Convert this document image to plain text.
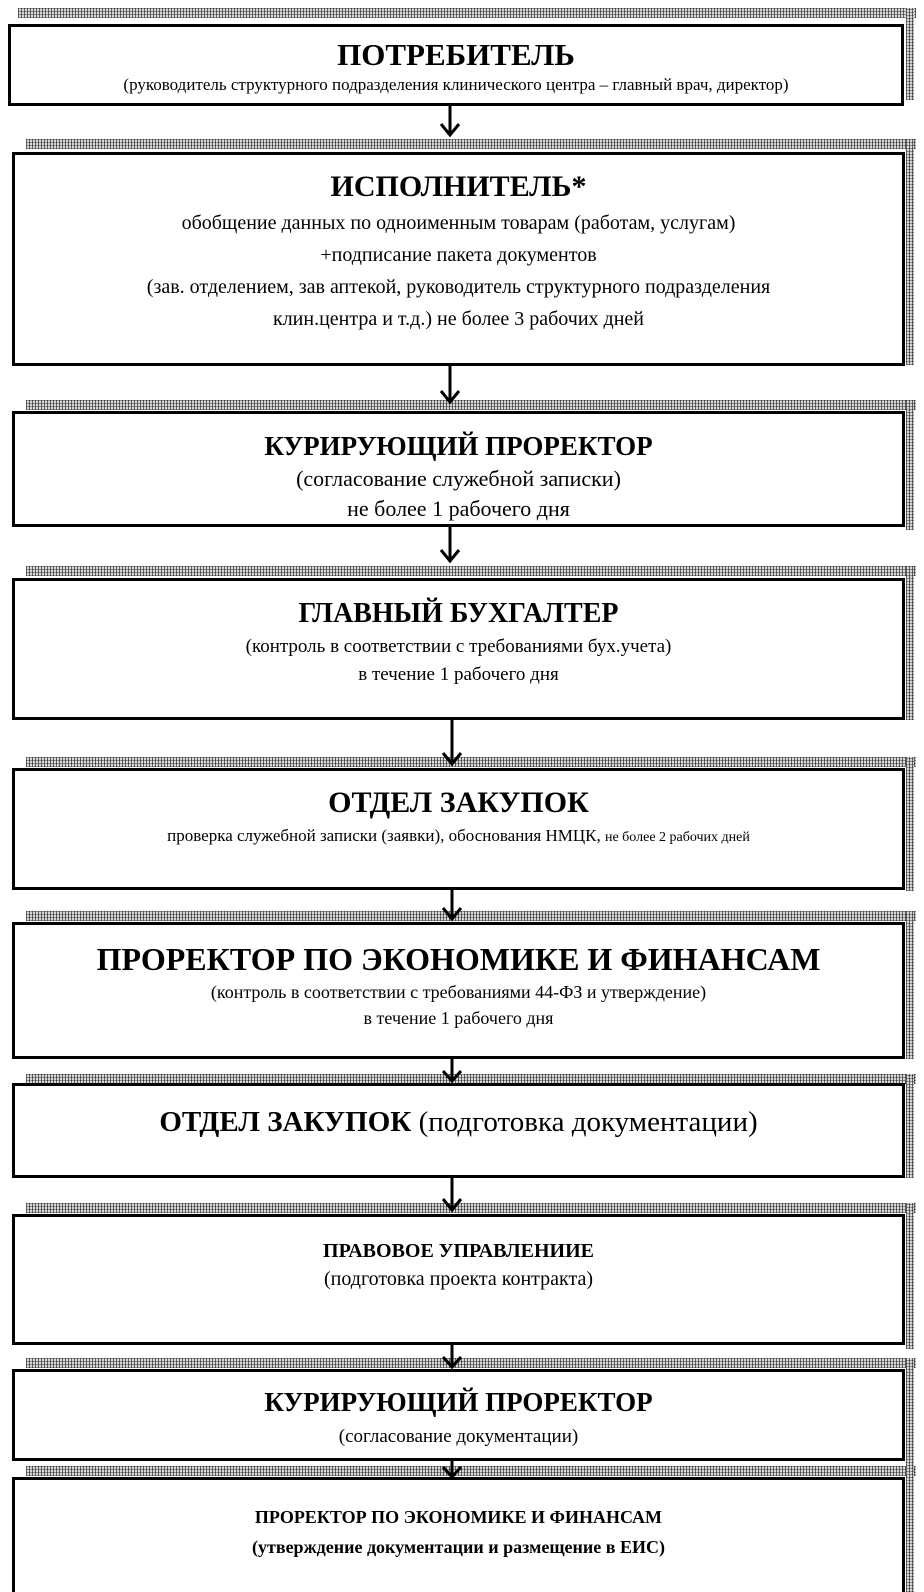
ПОТРЕБИТЕЛЬ
(руководитель структурного подразделения клинического центра – главный врач, директор)
ИСПОЛНИТЕЛЬ*
обобщение данных по одноименным товарам (работам, услугам)
+подписание пакета документов
(зав. отделением, зав аптекой, руководитель структурного подразделения
клин.центра и т.д.) не более 3 рабочих дней
КУРИРУЮЩИЙ ПРОРЕКТОР
(согласование служебной записки)
не более 1 рабочего дня
ГЛАВНЫЙ БУХГАЛТЕР
(контроль в соответствии с требованиями бух.учета)
в течение 1 рабочего дня
ОТДЕЛ ЗАКУПОК
проверка служебной записки (заявки), обоснования НМЦК, не более 2 рабочих дней
ПРОРЕКТОР ПО ЭКОНОМИКЕ И ФИНАНСАМ
(контроль в соответствии с требованиями 44-ФЗ и утверждение)
в течение 1 рабочего дня
ОТДЕЛ ЗАКУПОК (подготовка документации)
ПРАВОВОЕ УПРАВЛЕНИИЕ
(подготовка проекта контракта)
КУРИРУЮЩИЙ ПРОРЕКТОР
(согласование документации)
ПРОРЕКТОР ПО ЭКОНОМИКЕ И ФИНАНСАМ
(утверждение документации и размещение в ЕИС)
